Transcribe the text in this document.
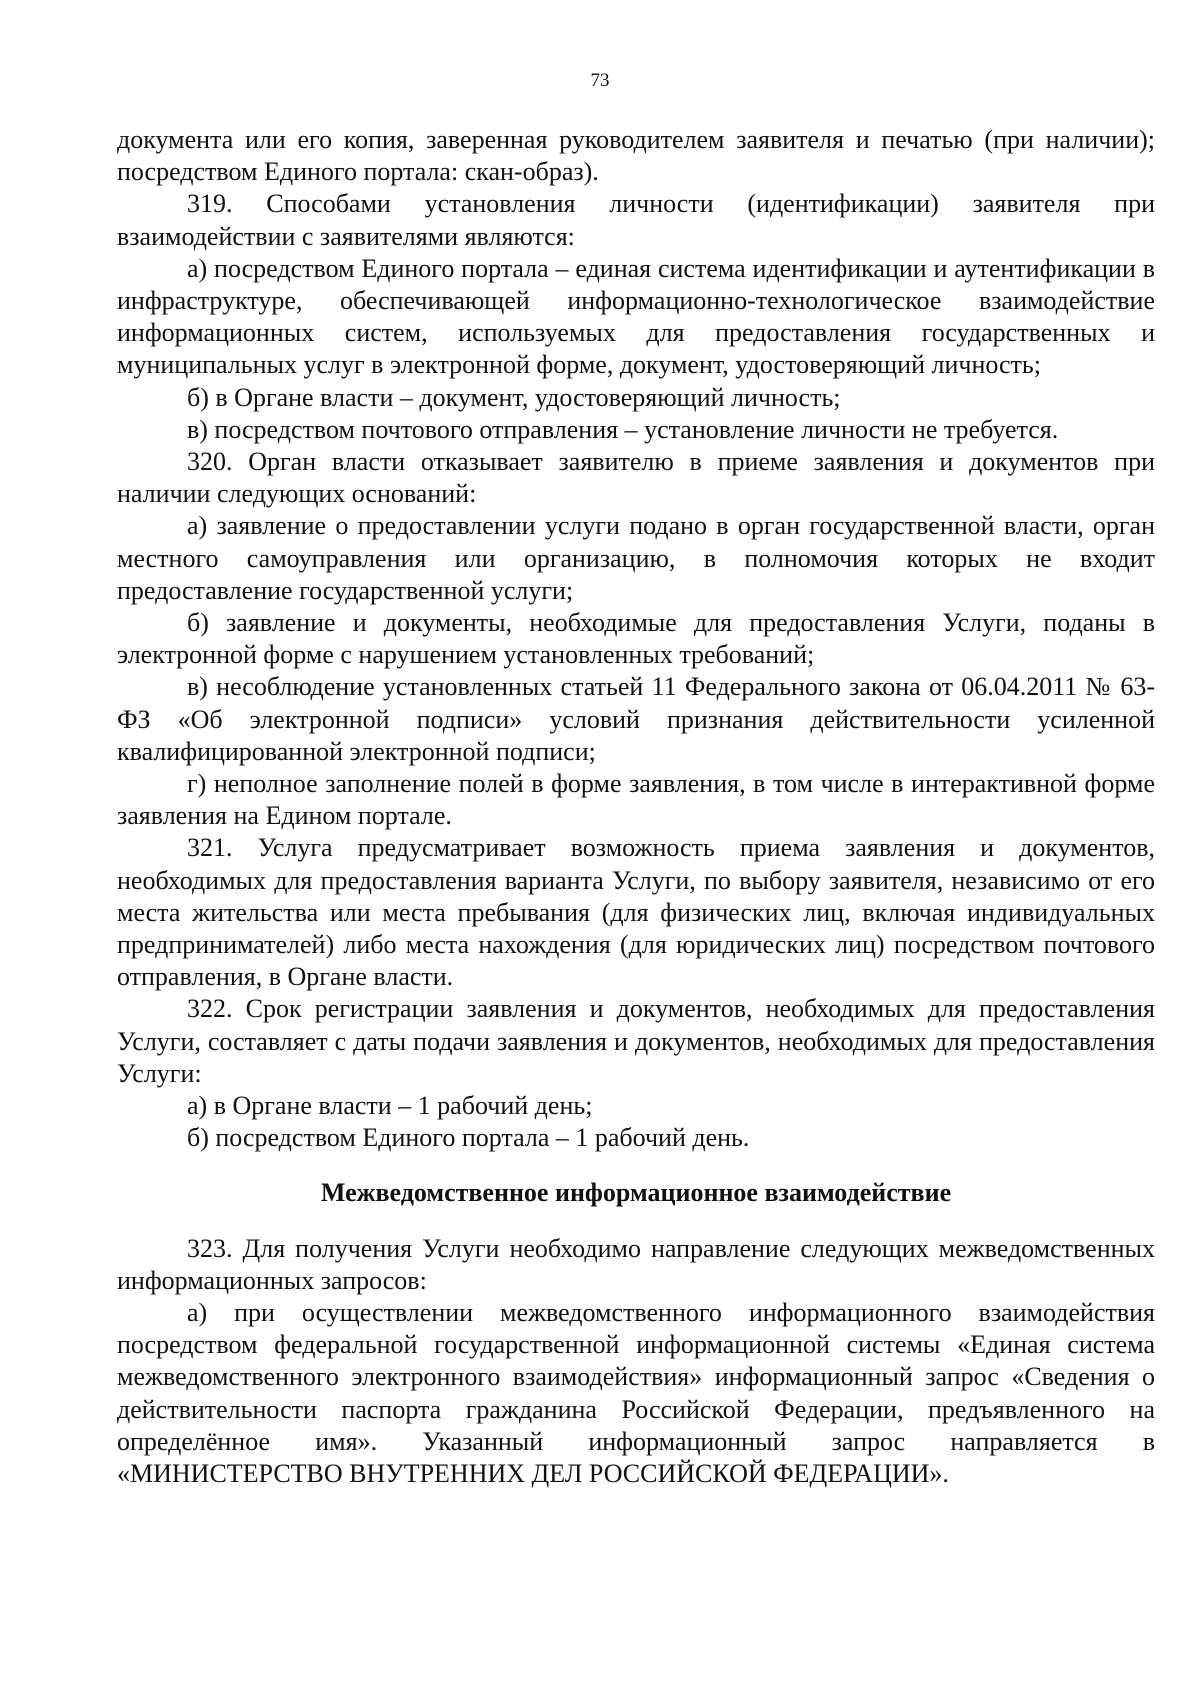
73

документа или его копия, заверенная руководителем заявителя и печатью (при наличии); посредством Единого портала: скан-образ).

319. Способами установления личности (идентификации) заявителя при взаимодействии с заявителями являются:

а) посредством Единого портала – единая система идентификации и аутентификации в инфраструктуре, обеспечивающей информационно-технологическое взаимодействие информационных систем, используемых для предоставления государственных и муниципальных услуг в электронной форме, документ, удостоверяющий личность;

б) в Органе власти – документ, удостоверяющий личность;

в) посредством почтового отправления – установление личности не требуется.

320. Орган власти отказывает заявителю в приеме заявления и документов при наличии следующих оснований:

а) заявление о предоставлении услуги подано в орган государственной власти, орган местного самоуправления или организацию, в полномочия которых не входит предоставление государственной услуги;

б) заявление и документы, необходимые для предоставления Услуги, поданы в электронной форме с нарушением установленных требований;

в) несоблюдение установленных статьей 11 Федерального закона от 06.04.2011 № 63-ФЗ «Об электронной подписи» условий признания действительности усиленной квалифицированной электронной подписи;

г) неполное заполнение полей в форме заявления, в том числе в интерактивной форме заявления на Едином портале.

321. Услуга предусматривает возможность приема заявления и документов, необходимых для предоставления варианта Услуги, по выбору заявителя, независимо от его места жительства или места пребывания (для физических лиц, включая индивидуальных предпринимателей) либо места нахождения (для юридических лиц) посредством почтового отправления, в Органе власти.

322. Срок регистрации заявления и документов, необходимых для предоставления Услуги, составляет с даты подачи заявления и документов, необходимых для предоставления Услуги:

а) в Органе власти – 1 рабочий день;

б) посредством Единого портала – 1 рабочий день.

Межведомственное информационное взаимодействие

323. Для получения Услуги необходимо направление следующих межведомственных информационных запросов:

а) при осуществлении межведомственного информационного взаимодействия посредством федеральной государственной информационной системы «Единая система межведомственного электронного взаимодействия» информационный запрос «Сведения о действительности паспорта гражданина Российской Федерации, предъявленного на определённое имя». Указанный информационный запрос направляется в «МИНИСТЕРСТВО ВНУТРЕННИХ ДЕЛ РОССИЙСКОЙ ФЕДЕРАЦИИ».
